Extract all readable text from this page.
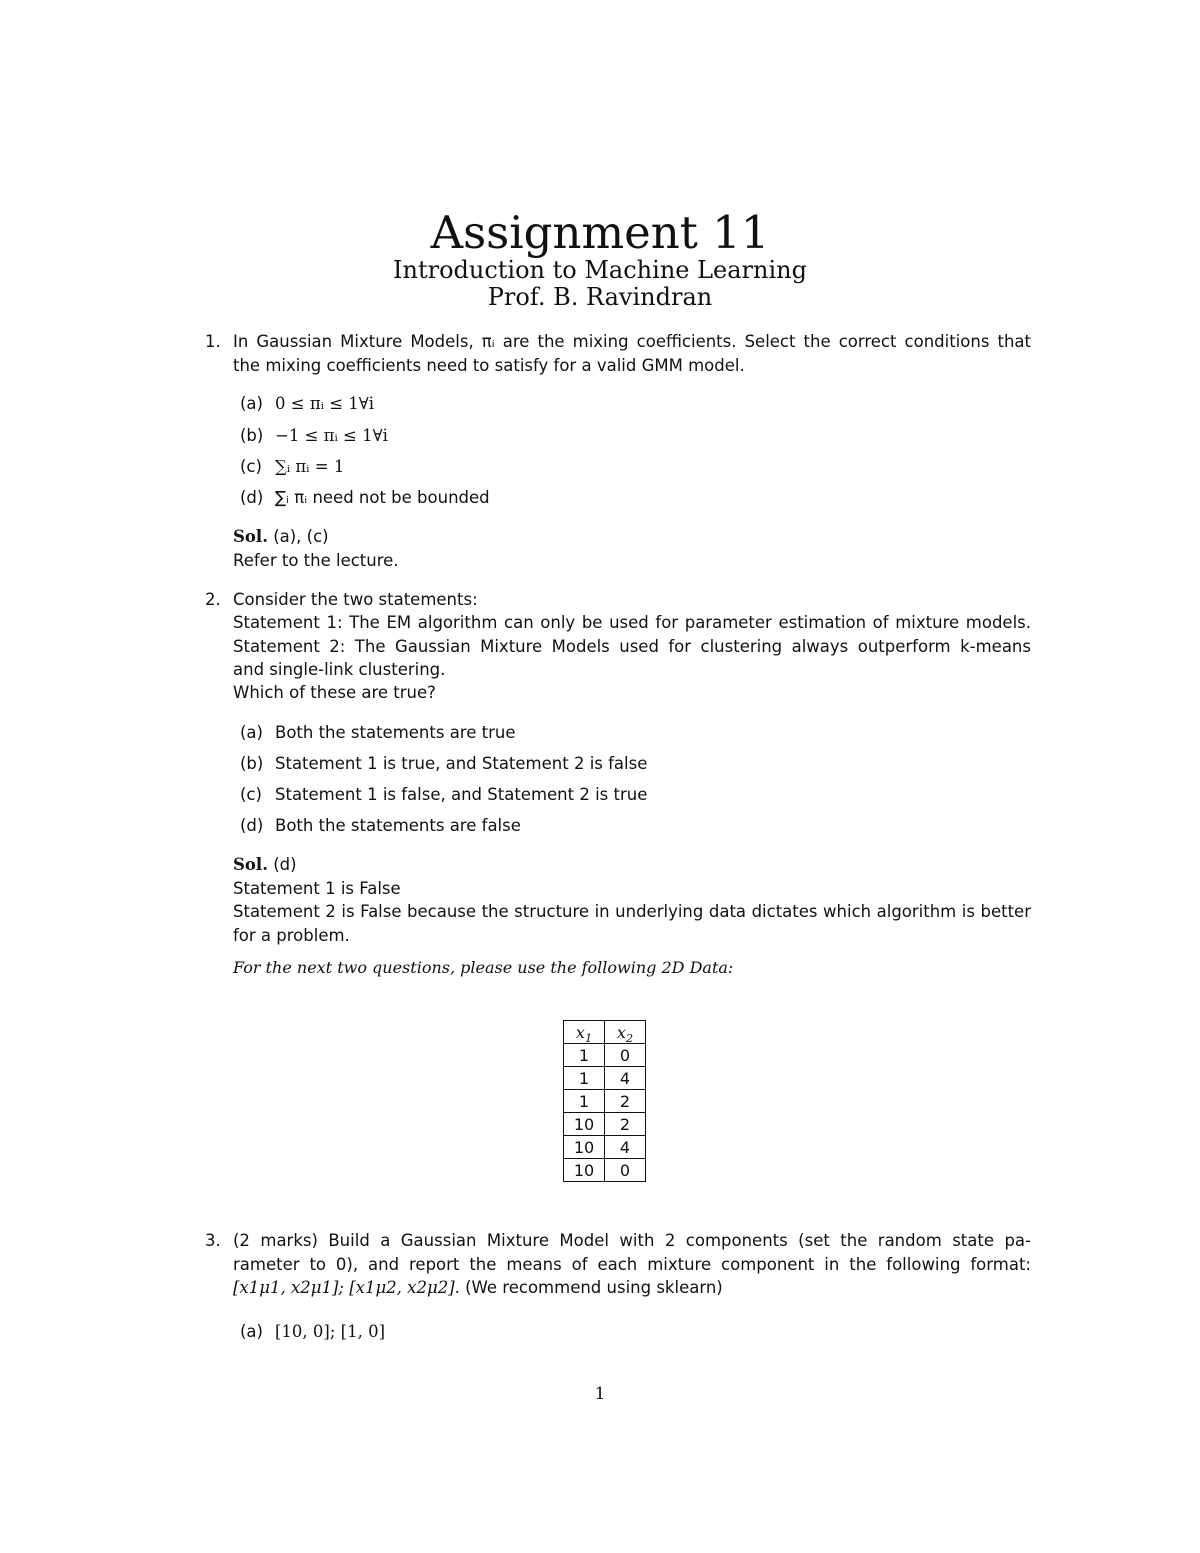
Assignment 11
Introduction to Machine Learning
Prof. B. Ravindran
1. In Gaussian Mixture Models, πᵢ are the mixing coefficients. Select the correct conditions that
the mixing coefficients need to satisfy for a valid GMM model.
(a) 0 ≤ πᵢ ≤ 1∀i
(b) −1 ≤ πᵢ ≤ 1∀i
(c) ∑ᵢ πᵢ = 1
(d) ∑ᵢ πᵢ need not be bounded
Sol. (a), (c)
Refer to the lecture.
2. Consider the two statements:
Statement 1: The EM algorithm can only be used for parameter estimation of mixture models.
Statement 2: The Gaussian Mixture Models used for clustering always outperform k-means
and single-link clustering.
Which of these are true?
(a) Both the statements are true
(b) Statement 1 is true, and Statement 2 is false
(c) Statement 1 is false, and Statement 2 is true
(d) Both the statements are false
Sol. (d)
Statement 1 is False
Statement 2 is False because the structure in underlying data dictates which algorithm is better
for a problem.
For the next two questions, please use the following 2D Data:
$x_1$	$x_2$
1	0
1	4
1	2
10	2
10	4
10	0
3. (2 marks) Build a Gaussian Mixture Model with 2 components (set the random state pa-
rameter to 0), and report the means of each mixture component in the following format:
[x1μ1, x2μ1]; [x1μ2, x2μ2]. (We recommend using sklearn)
(a) [10, 0]; [1, 0]
1
